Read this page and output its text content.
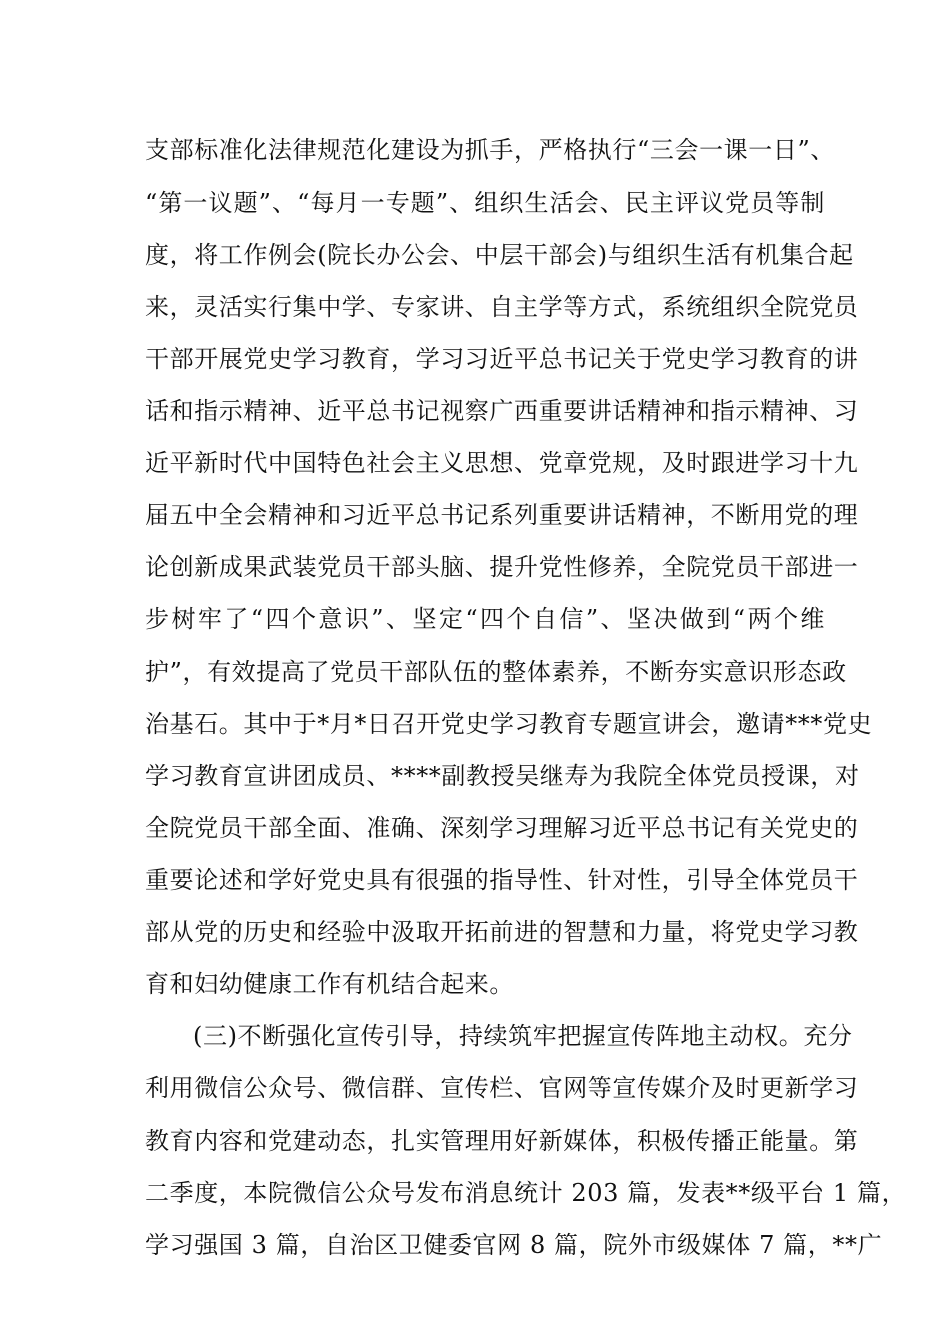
支部标准化法律规范化建设为抓手，严格执行“三会一课一日”、
“第一议题”、“每月一专题”、组织生活会、民主评议党员等制
度，将工作例会(院长办公会、中层干部会)与组织生活有机集合起
来，灵活实行集中学、专家讲、自主学等方式，系统组织全院党员
干部开展党史学习教育，学习习近平总书记关于党史学习教育的讲
话和指示精神、近平总书记视察广西重要讲话精神和指示精神、习
近平新时代中国特色社会主义思想、党章党规，及时跟进学习十九
届五中全会精神和习近平总书记系列重要讲话精神，不断用党的理
论创新成果武装党员干部头脑、提升党性修养，全院党员干部进一
步树牢了“四个意识”、坚定“四个自信”、坚决做到“两个维
护”，有效提高了党员干部队伍的整体素养，不断夯实意识形态政
治基石。其中于*月*日召开党史学习教育专题宣讲会，邀请***党史
学习教育宣讲团成员、****副教授吴继寿为我院全体党员授课，对
全院党员干部全面、准确、深刻学习理解习近平总书记有关党史的
重要论述和学好党史具有很强的指导性、针对性，引导全体党员干
部从党的历史和经验中汲取开拓前进的智慧和力量，将党史学习教
育和妇幼健康工作有机结合起来。
(三)不断强化宣传引导，持续筑牢把握宣传阵地主动权。充分
利用微信公众号、微信群、宣传栏、官网等宣传媒介及时更新学习
教育内容和党建动态，扎实管理用好新媒体，积极传播正能量。第
二季度，本院微信公众号发布消息统计 203 篇，发表**级平台 1 篇，
学习强国 3 篇，自治区卫健委官网 8 篇，院外市级媒体 7 篇，**广
